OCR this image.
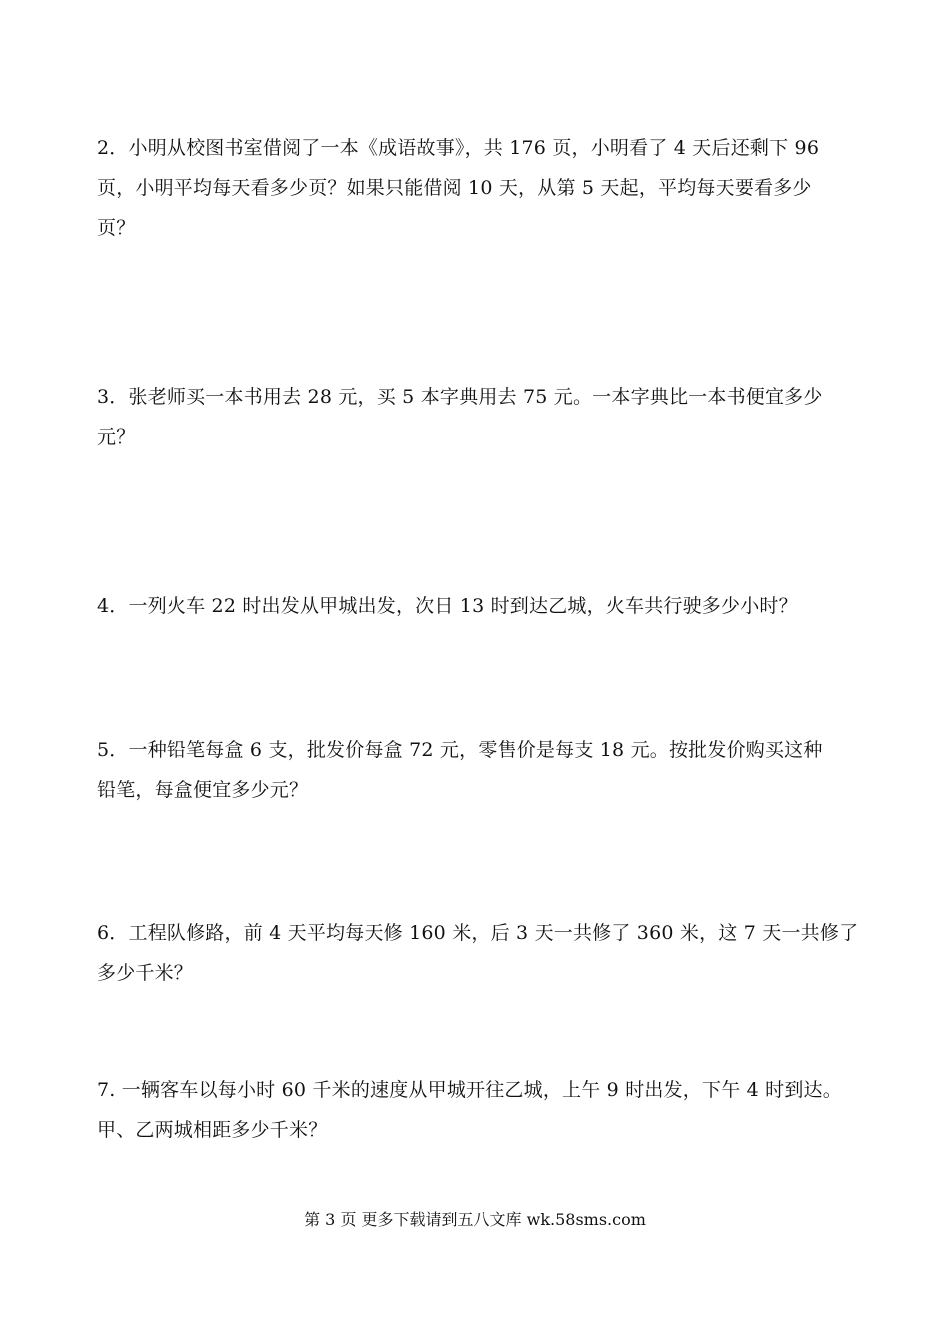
2．小明从校图书室借阅了一本《成语故事》，共 176 页，小明看了 4 天后还剩下 96
页，小明平均每天看多少页？如果只能借阅 10 天，从第 5 天起，平均每天要看多少
页？
3．张老师买一本书用去 28 元，买 5 本字典用去 75 元。一本字典比一本书便宜多少
元？
4．一列火车 22 时出发从甲城出发，次日 13 时到达乙城，火车共行驶多少小时？
5．一种铅笔每盒 6 支，批发价每盒 72 元，零售价是每支 18 元。按批发价购买这种
铅笔，每盒便宜多少元？
6．工程队修路，前 4 天平均每天修 160 米，后 3 天一共修了 360 米，这 7 天一共修了
多少千米？
7. 一辆客车以每小时 60 千米的速度从甲城开往乙城，上午 9 时出发，下午 4 时到达。
甲、乙两城相距多少千米？
第 3 页 更多下载请到五八文库 wk.58sms.com
